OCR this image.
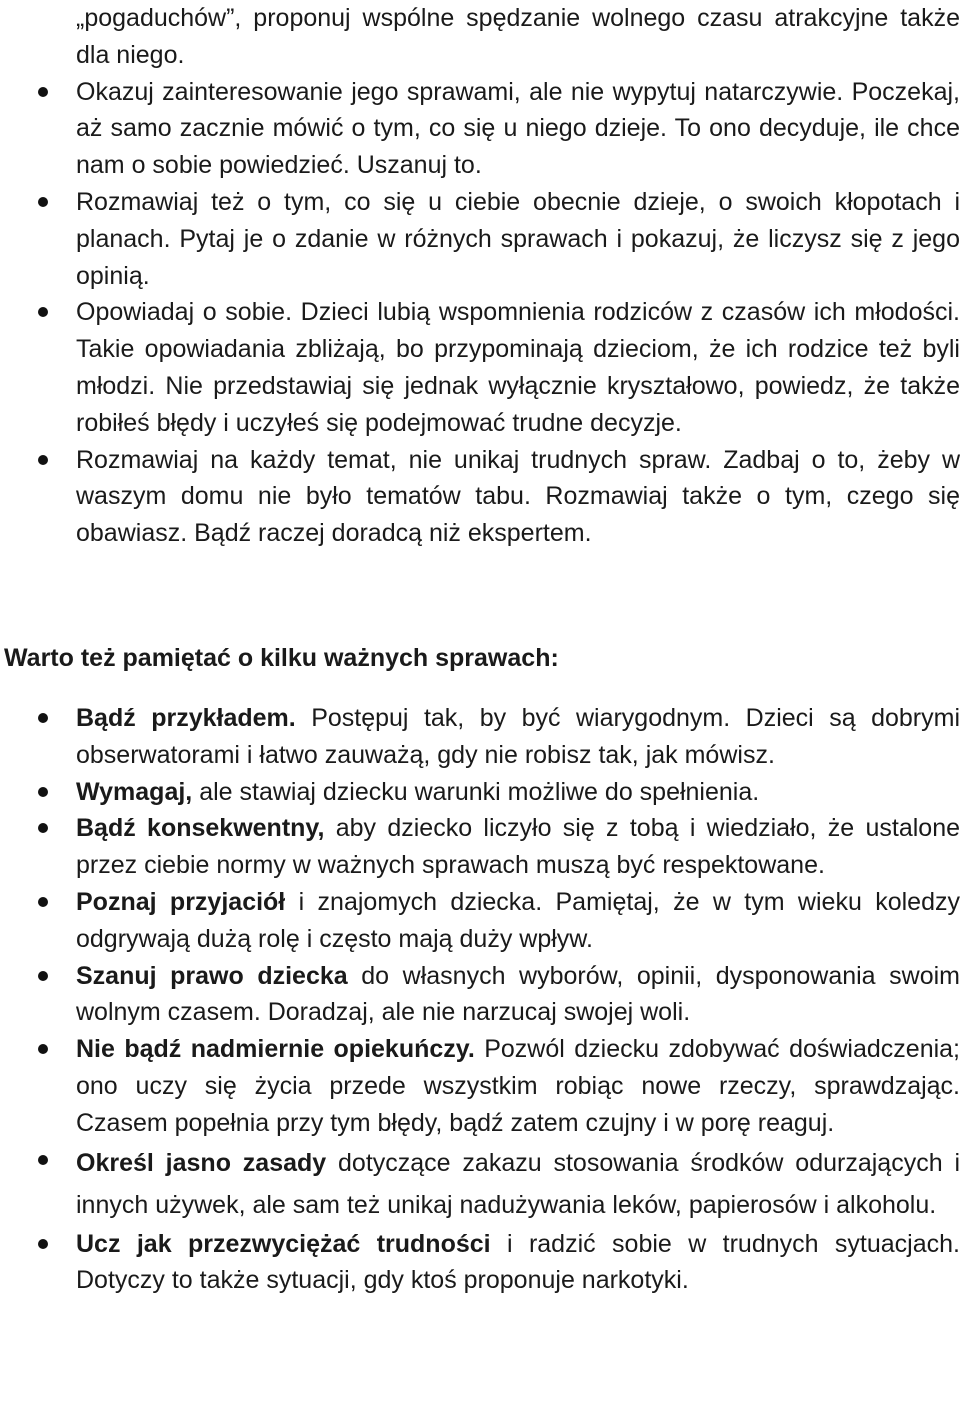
„pogaduchów”, proponuj wspólne spędzanie wolnego czasu atrakcyjne także dla niego.
Okazuj zainteresowanie jego sprawami, ale nie wypytuj natarczywie. Poczekaj, aż samo zacznie mówić o tym, co się u niego dzieje. To ono decyduje, ile chce nam o sobie powiedzieć. Uszanuj to.
Rozmawiaj też o tym, co się u ciebie obecnie dzieje, o swoich kłopotach i planach. Pytaj je o zdanie w różnych sprawach i pokazuj, że liczysz się z jego opinią.
Opowiadaj o sobie. Dzieci lubią wspomnienia rodziców z czasów ich młodości. Takie opowiadania zbliżają, bo przypominają dzieciom, że ich rodzice też byli młodzi. Nie przedstawiaj się jednak wyłącznie kryształowo, powiedz, że także robiłeś błędy i uczyłeś się podejmować trudne decyzje.
Rozmawiaj na każdy temat, nie unikaj trudnych spraw. Zadbaj o to, żeby w waszym domu nie było tematów tabu. Rozmawiaj także o tym, czego się obawiasz. Bądź raczej doradcą niż ekspertem.
Warto też pamiętać o kilku ważnych sprawach:
Bądź przykładem. Postępuj tak, by być wiarygodnym. Dzieci są dobrymi obserwatorami i łatwo zauważą, gdy nie robisz tak, jak mówisz.
Wymagaj, ale stawiaj dziecku warunki możliwe do spełnienia.
Bądź konsekwentny, aby dziecko liczyło się z tobą i wiedziało, że ustalone przez ciebie normy w ważnych sprawach muszą być respektowane.
Poznaj przyjaciół i znajomych dziecka. Pamiętaj, że w tym wieku koledzy odgrywają dużą rolę i często mają duży wpływ.
Szanuj prawo dziecka do własnych wyborów, opinii, dysponowania swoim wolnym czasem. Doradzaj, ale nie narzucaj swojej woli.
Nie bądź nadmiernie opiekuńczy. Pozwól dziecku zdobywać doświadczenia; ono uczy się życia przede wszystkim robiąc nowe rzeczy, sprawdzając. Czasem popełnia przy tym błędy, bądź zatem czujny i w porę reaguj.
Określ jasno zasady dotyczące zakazu stosowania środków odurzających i innych używek, ale sam też unikaj nadużywania leków, papierosów i alkoholu.
Ucz jak przezwyciężać trudności i radzić sobie w trudnych sytuacjach. Dotyczy to także sytuacji, gdy ktoś proponuje narkotyki.
